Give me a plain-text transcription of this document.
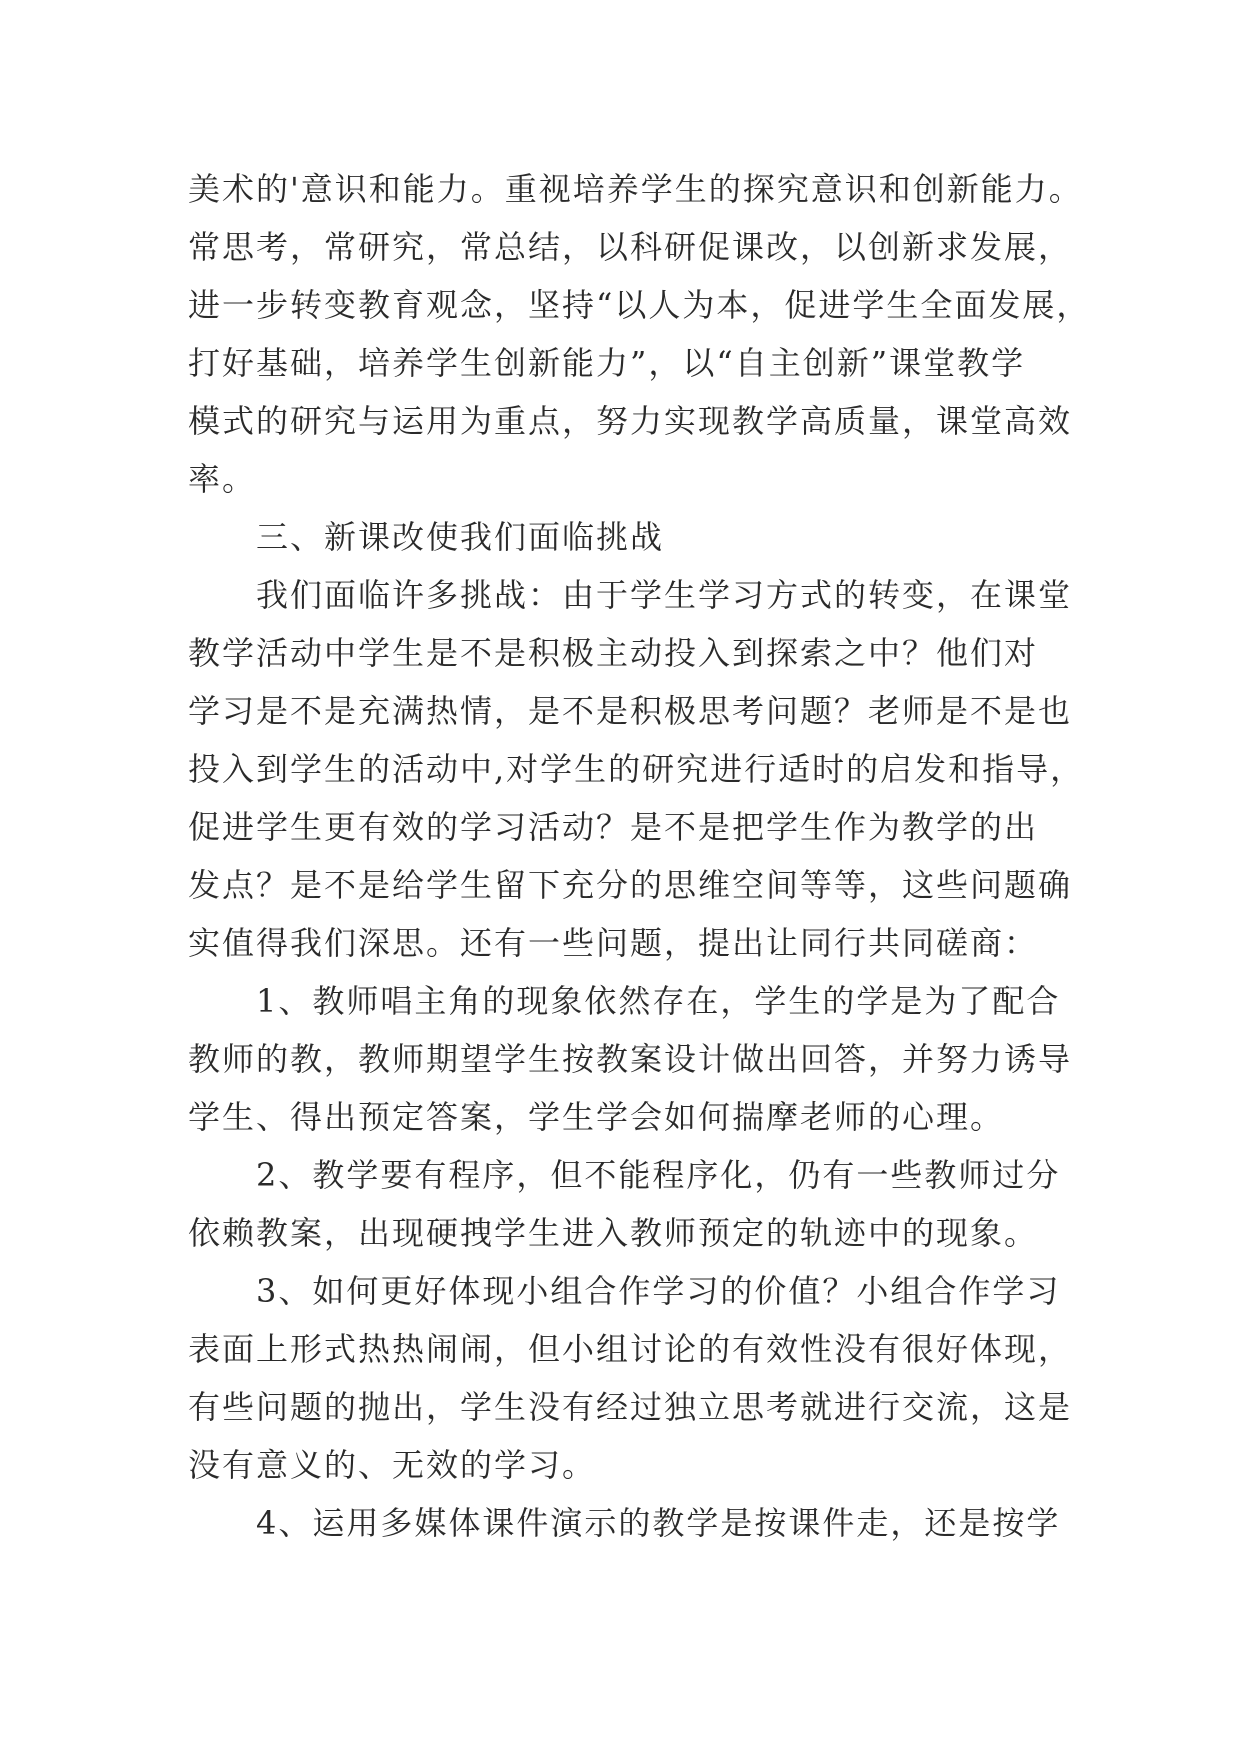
美术的'意识和能力。重视培养学生的探究意识和创新能力。
常思考，常研究，常总结，以科研促课改，以创新求发展，
进一步转变教育观念，坚持“以人为本，促进学生全面发展，
打好基础，培养学生创新能力”，以“自主创新”课堂教学
模式的研究与运用为重点，努力实现教学高质量，课堂高效
率。
三、新课改使我们面临挑战
我们面临许多挑战：由于学生学习方式的转变，在课堂
教学活动中学生是不是积极主动投入到探索之中？他们对
学习是不是充满热情，是不是积极思考问题？老师是不是也
投入到学生的活动中,对学生的研究进行适时的启发和指导，
促进学生更有效的学习活动？是不是把学生作为教学的出
发点？是不是给学生留下充分的思维空间等等，这些问题确
实值得我们深思。还有一些问题，提出让同行共同磋商：
1、教师唱主角的现象依然存在，学生的学是为了配合
教师的教，教师期望学生按教案设计做出回答，并努力诱导
学生、得出预定答案，学生学会如何揣摩老师的心理。
2、教学要有程序，但不能程序化，仍有一些教师过分
依赖教案，出现硬拽学生进入教师预定的轨迹中的现象。
3、如何更好体现小组合作学习的价值？小组合作学习
表面上形式热热闹闹，但小组讨论的有效性没有很好体现，
有些问题的抛出，学生没有经过独立思考就进行交流，这是
没有意义的、无效的学习。
4、运用多媒体课件演示的教学是按课件走，还是按学
